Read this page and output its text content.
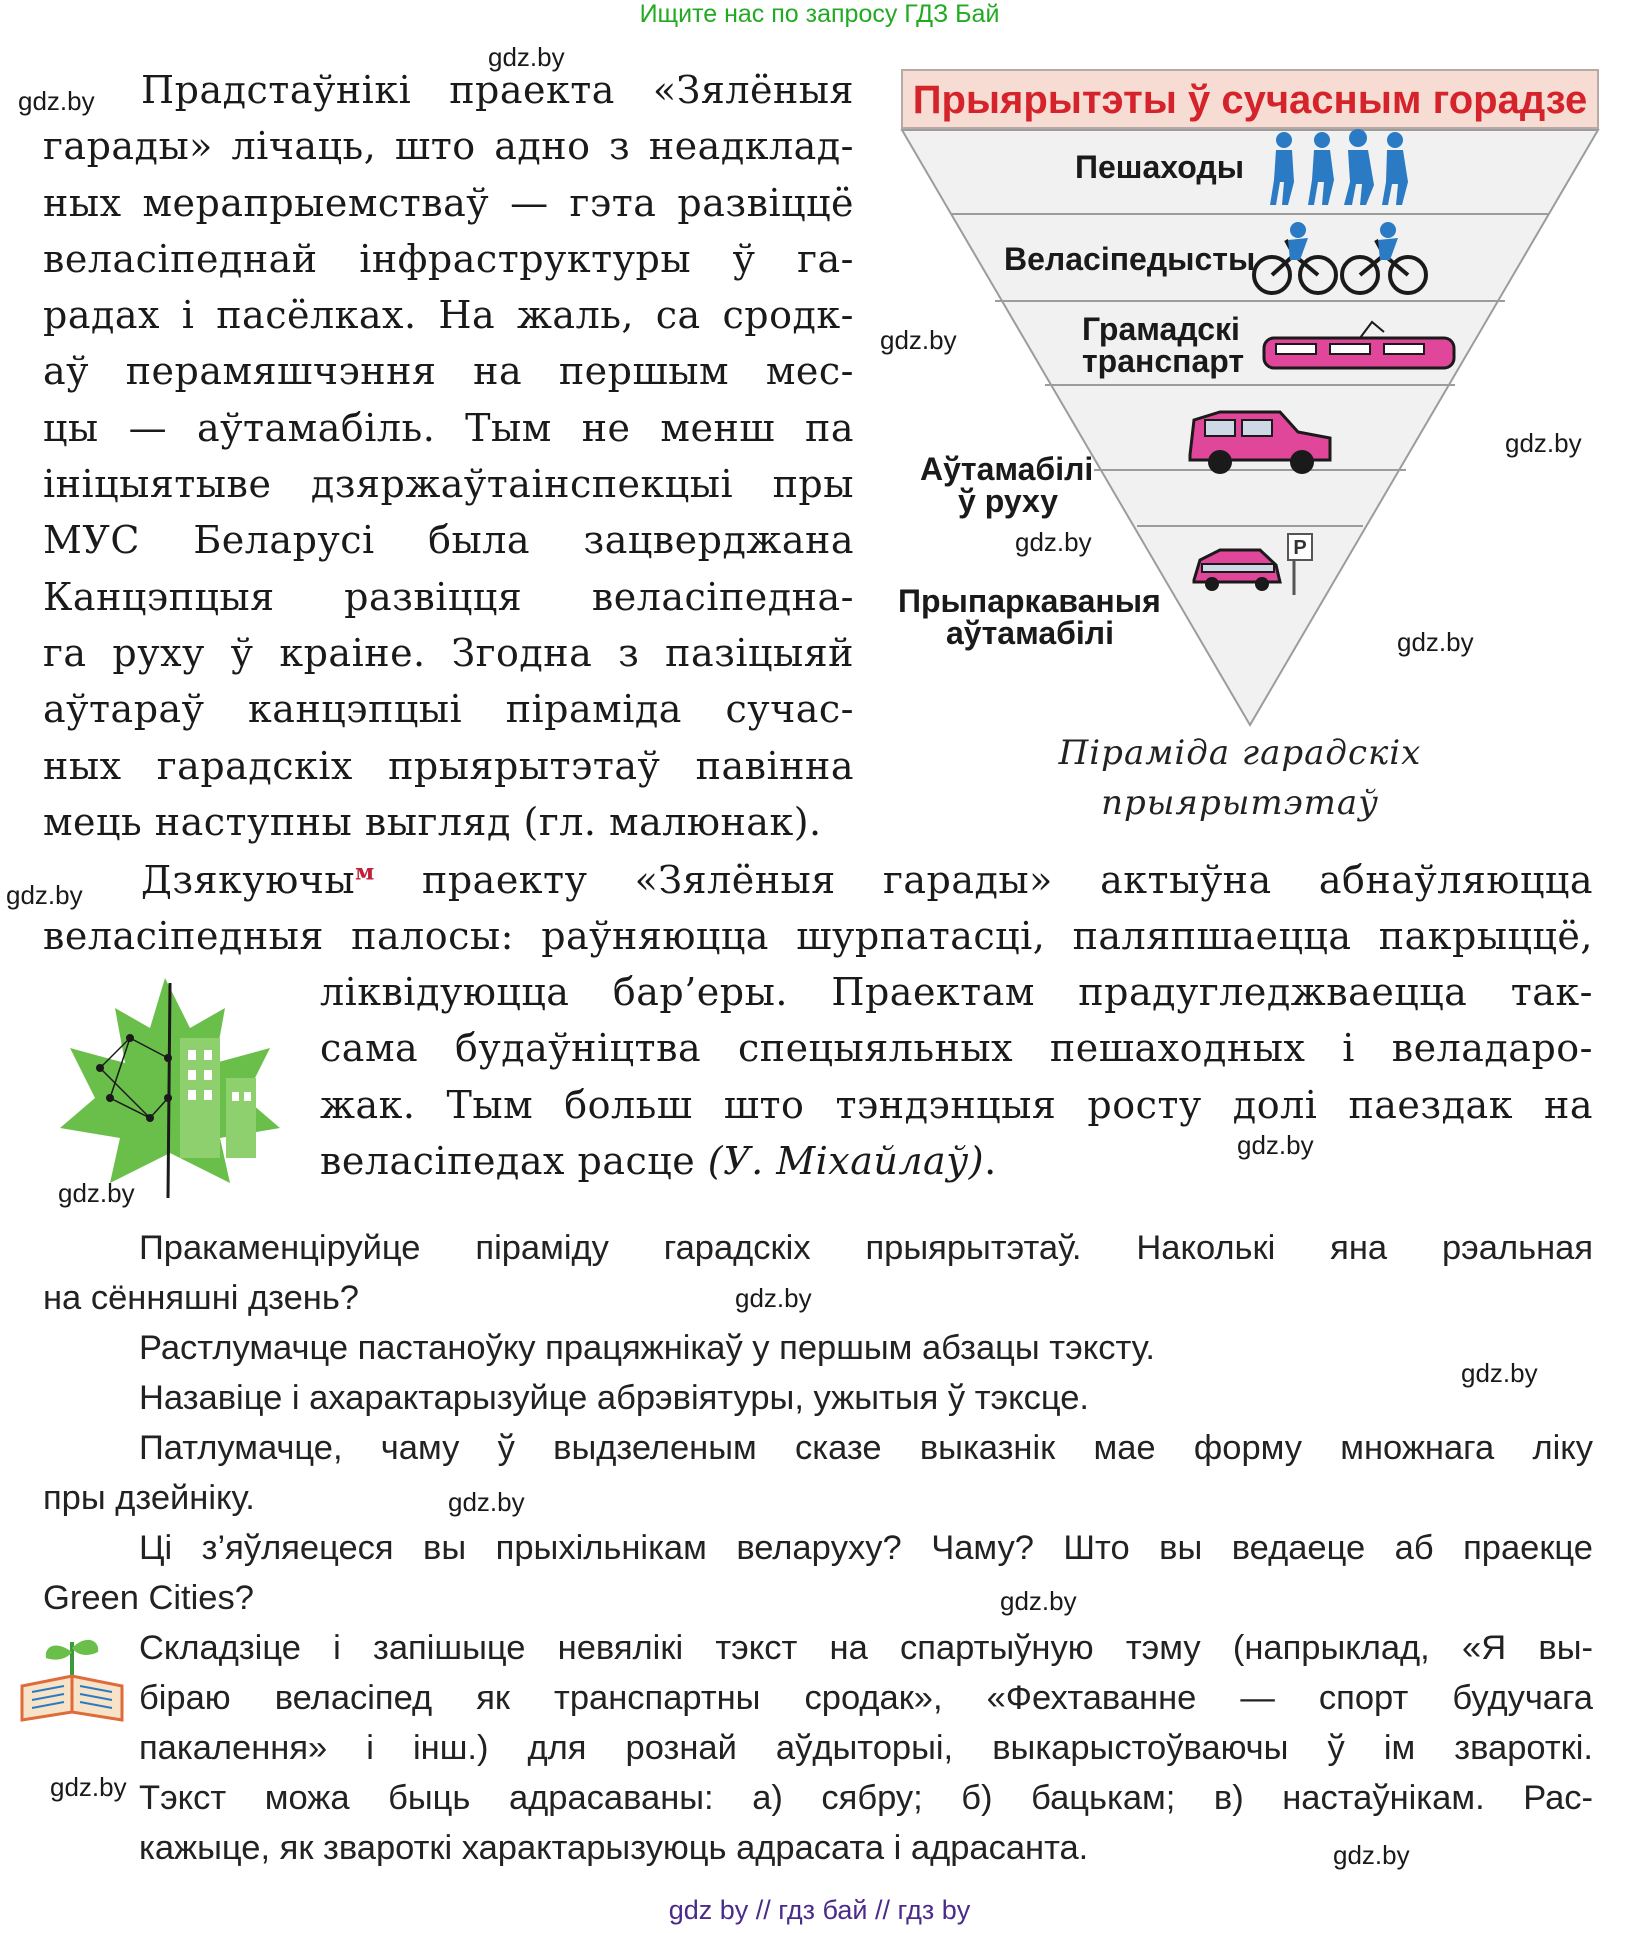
Ищите нас по запросу ГДЗ Бай
gdz.by
gdz.by
gdz.by
gdz.by
gdz.by
gdz.by
gdz.by
gdz.by
gdz.by
gdz.by
gdz.by
gdz.by
gdz.by
gdz.by
gdz.by
Прадстаўнікі праекта «Зялёныя
гарады» лічаць, што адно з неадклад-
ных мерапрыемстваў — гэта развіццё
веласіпеднай інфраструктуры ў га-
радах і пасёлках. На жаль, са сродк-
аў перамяшчэння на першым мес-
цы — аўтамабіль. Тым не менш па
ініцыятыве дзяржаўтаінспекцыі пры
МУС Беларусі была зацверджана
Канцэпцыя развіцця веласіпедна-
га руху ў краіне. Згодна з пазіцыяй
аўтараў канцэпцыі піраміда сучас-
ных гарадскіх прыярытэтаў павінна
мець наступны выгляд (гл. малюнак).
Прыярытэты ў сучасным горадзе
Пешаходы
Веласіпедысты
Грамадскі
транспарт
Аўтамабілі
ў руху
Прыпаркаваныя
аўтамабілі
P
Піраміда гарадскіх
прыярытэтаў
Дзякуючы$^м$ праекту «Зялёныя гарады» актыўна абнаўляюцца
веласіпедныя палосы: раўняюцца шурпатасці, паляпшаецца пакрыццё,
ліквідуюцца бар’еры. Праектам прадугледжваецца так-
сама будаўніцтва спецыяльных пешаходных і веладаро-
жак. Тым больш што тэндэнцыя росту долі паездак на
веласіпедах расце (У. Міхайлаў).
Пракаменціруйце піраміду гарадскіх прыярытэтаў. Наколькі яна рэальная
на сённяшні дзень?
Растлумачце пастаноўку працяжнікаў у першым абзацы тэксту.
Назавіце і ахарактарызуйце абрэвіятуры, ужытыя ў тэксце.
Патлумачце, чаму ў выдзеленым сказе выказнік мае форму множнага ліку
пры дзейніку.
Ці з’яўляецеся вы прыхільнікам велаpуху? Чаму? Што вы ведаеце аб праекце
Green Cities?
Складзіце і запішыце невялікі тэкст на спартыўную тэму (напрыклад, «Я вы-
біраю веласіпед як транспартны сродак», «Фехтаванне — спорт будучага
пакалення» і інш.) для рознай аўдыторыі, выкарыстоўваючы ў ім звароткі.
Тэкст можа быць адрасаваны: а) сябру; б) бацькам; в) настаўнікам. Рас-
кажыце, як звароткі характарызуюць адрасата і адрасанта.
gdz by // гдз бай // гдз by
